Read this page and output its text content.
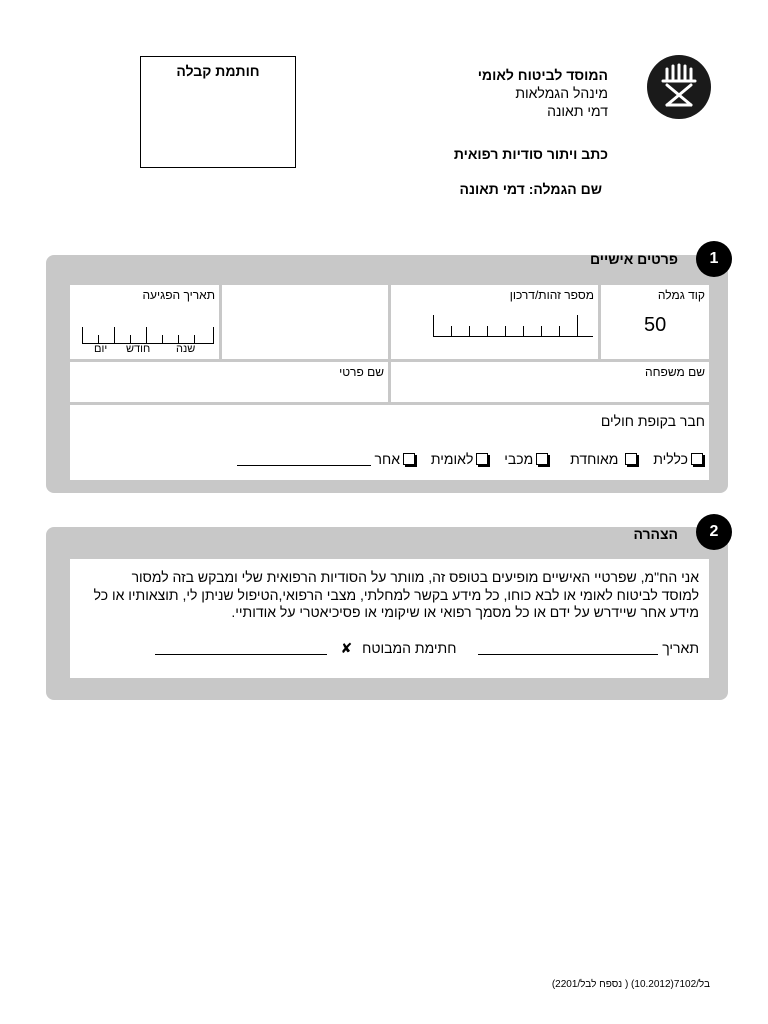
חותמת קבלה	המוסד לביטוח לאומי
מינהל הגמלאות
דמי תאונה
כתב ויתור סודיות רפואית
שם הגמלה: דמי תאונה
1
פרטים אישיים
קוד גמלה
50
מספר זהות/דרכון
תאריך הפגיעה
יום חודש שנה
שם משפחה
שם פרטי
חבר בקופת חולים
כללית  מאוחדת מכבי לאומית אחר
2
הצהרה
אני הח"מ, שפרטיי האישיים מופיעים בטופס זה, מוותר על הסודיות הרפואית שלי ומבקש בזה למסור
למוסד לביטוח לאומי או לבא כוחו, כל מידע בקשר למחלתי, מצבי הרפואי,הטיפול שניתן לי, תוצאותיו או כל
מידע אחר שיידרש על ידם או כל מסמך רפואי או שיקומי או פסיכיאטרי על אודותיי.
תאריך  חתימת המבוטח ✘
בל/7102(10.2012) ( נספח לבל/2201)
